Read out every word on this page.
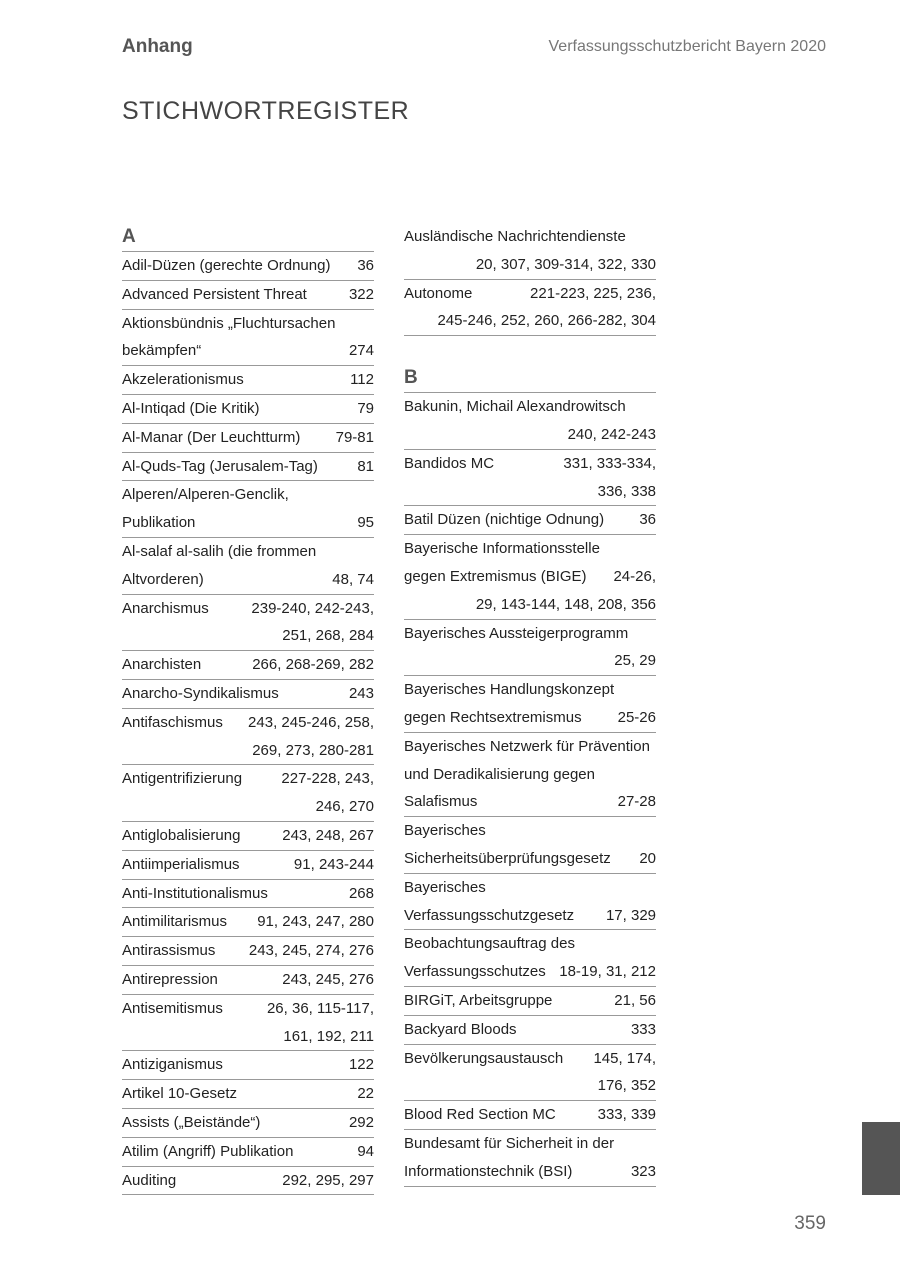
Anhang	Verfassungsschutzbericht Bayern 2020
STICHWORTREGISTER
A
Adil-Düzen (gerechte Ordnung)	36
Advanced Persistent Threat	322
Aktionsbündnis „Fluchtursachen
bekämpfen“	274
Akzelerationismus	112
Al-Intiqad (Die Kritik)	79
Al-Manar (Der Leuchtturm)	79-81
Al-Quds-Tag (Jerusalem-Tag)	81
Alperen/Alperen-Genclik,
Publikation	95
Al-salaf al-salih (die frommen
Altvorderen)	48, 74
Anarchismus	239-240, 242-243,
251, 268, 284
Anarchisten	266, 268-269, 282
Anarcho-Syndikalismus	243
Antifaschismus	243, 245-246, 258,
269, 273, 280-281
Antigentrifizierung	227-228, 243,
246, 270
Antiglobalisierung	243, 248, 267
Antiimperialismus	91, 243-244
Anti-Institutionalismus	268
Antimilitarismus	91, 243, 247, 280
Antirassismus	243, 245, 274, 276
Antirepression	243, 245, 276
Antisemitismus	26, 36, 115-117,
161, 192, 211
Antiziganismus	122
Artikel 10-Gesetz	22
Assists („Beistände“)	292
Atilim (Angriff) Publikation	94
Auditing	292, 295, 297
Ausländische Nachrichtendienste
20, 307, 309-314, 322, 330
Autonome	221-223, 225, 236,
245-246, 252, 260, 266-282, 304
B
Bakunin, Michail Alexandrowitsch
240, 242-243
Bandidos MC	331, 333-334,
336, 338
Batil Düzen (nichtige Odnung)	36
Bayerische Informationsstelle
gegen Extremismus (BIGE)	24-26,
29, 143-144, 148, 208, 356
Bayerisches Aussteigerprogramm
25, 29
Bayerisches Handlungskonzept
gegen Rechtsextremismus	25-26
Bayerisches Netzwerk für Prävention
und Deradikalisierung gegen
Salafismus	27-28
Bayerisches
Sicherheitsüberprüfungsgesetz	20
Bayerisches
Verfassungsschutzgesetz	17, 329
Beobachtungsauftrag des
Verfassungsschutzes 18-19, 31, 212
BIRGiT, Arbeitsgruppe	21, 56
Backyard Bloods	333
Bevölkerungsaustausch	145, 174,
176, 352
Blood Red Section MC	333, 339
Bundesamt für Sicherheit in der
Informationstechnik (BSI)	323
359
